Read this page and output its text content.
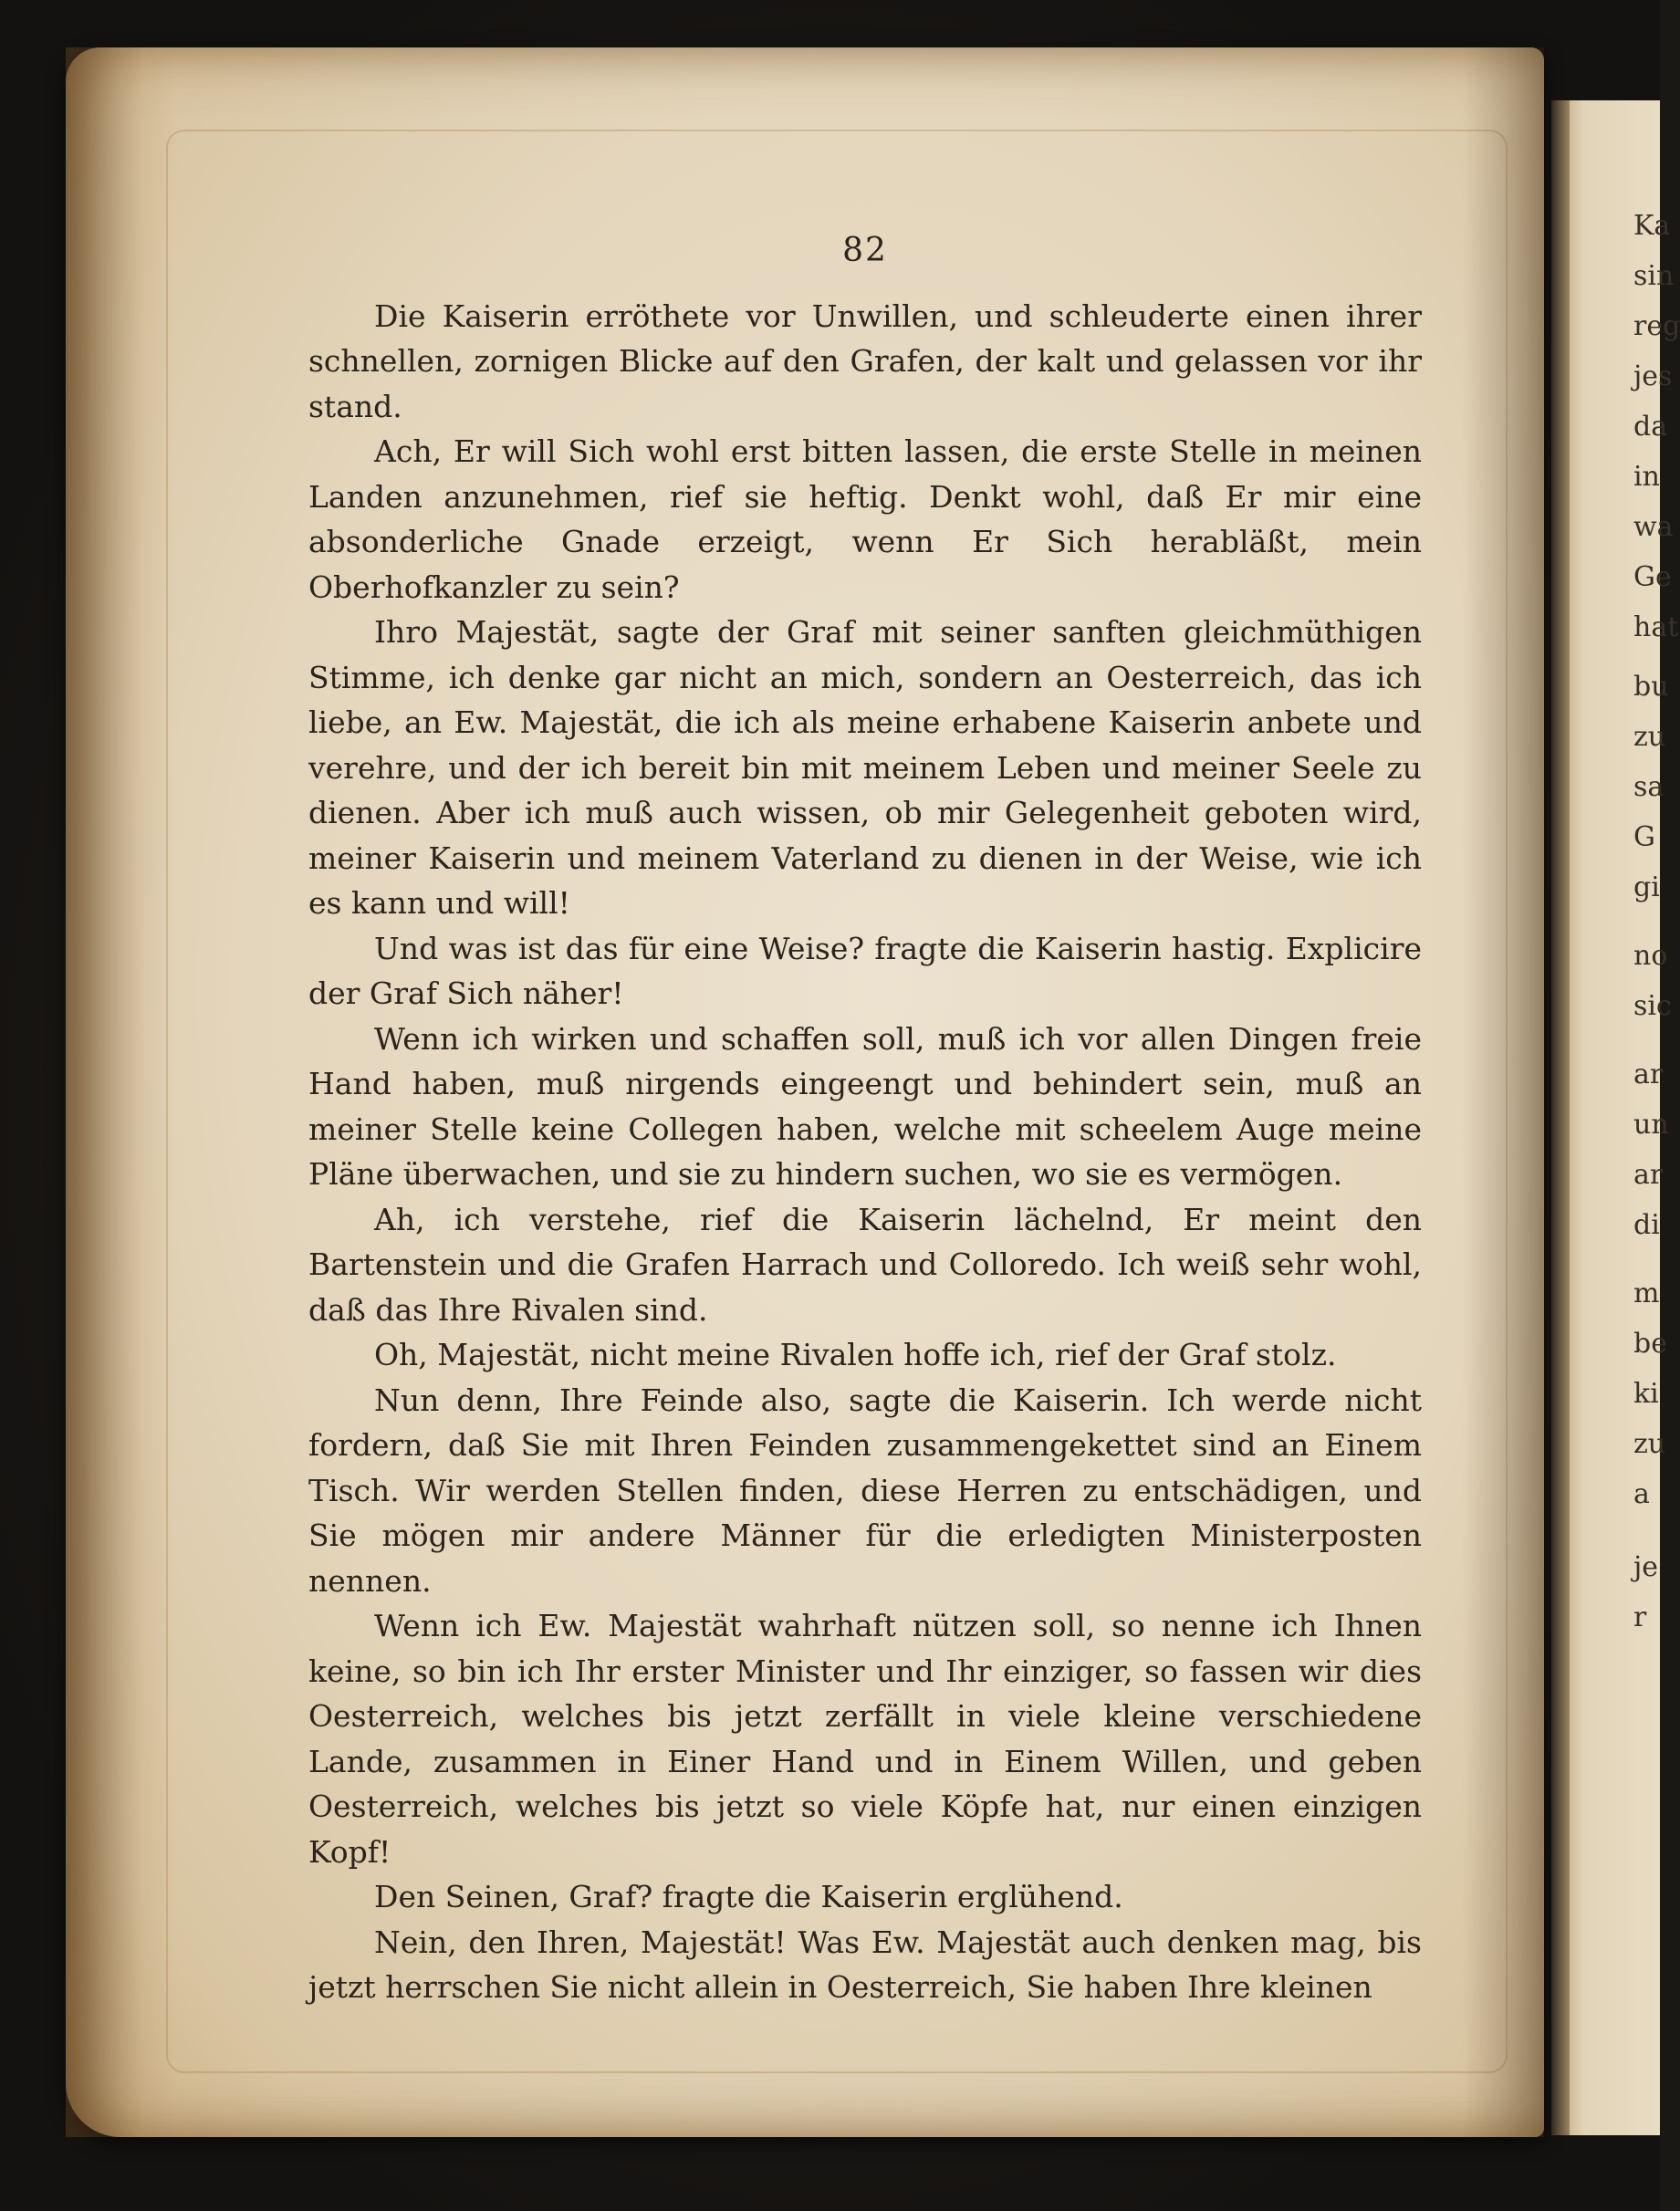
Ka
sin
reg
jes
da
in
wa
Ge
hat
bu
zu
sa
G
gi
no
sic
ar
un
ar
di
m
be
ki
zu
a
je
r
82

Die Kaiserin erröthete vor Unwillen, und schleuderte einen ihrer schnellen, zornigen Blicke auf den Grafen, der kalt und gelassen vor ihr stand.

Ach, Er will Sich wohl erst bitten lassen, die erste Stelle in meinen Landen anzunehmen, rief sie heftig. Denkt wohl, daß Er mir eine absonderliche Gnade erzeigt, wenn Er Sich herabläßt, mein Oberhofkanzler zu sein?

Ihro Majestät, sagte der Graf mit seiner sanften gleichmüthigen Stimme, ich denke gar nicht an mich, sondern an Oesterreich, das ich liebe, an Ew. Majestät, die ich als meine erhabene Kaiserin anbete und verehre, und der ich bereit bin mit meinem Leben und meiner Seele zu dienen. Aber ich muß auch wissen, ob mir Gelegenheit geboten wird, meiner Kaiserin und meinem Vaterland zu dienen in der Weise, wie ich es kann und will!

Und was ist das für eine Weise? fragte die Kaiserin hastig. Explicire der Graf Sich näher!

Wenn ich wirken und schaffen soll, muß ich vor allen Dingen freie Hand haben, muß nirgends eingeengt und behindert sein, muß an meiner Stelle keine Collegen haben, welche mit scheelem Auge meine Pläne überwachen, und sie zu hindern suchen, wo sie es vermögen.

Ah, ich verstehe, rief die Kaiserin lächelnd, Er meint den Bartenstein und die Grafen Harrach und Colloredo. Ich weiß sehr wohl, daß das Ihre Rivalen sind.

Oh, Majestät, nicht meine Rivalen hoffe ich, rief der Graf stolz.

Nun denn, Ihre Feinde also, sagte die Kaiserin. Ich werde nicht fordern, daß Sie mit Ihren Feinden zusammengekettet sind an Einem Tisch. Wir werden Stellen finden, diese Herren zu entschädigen, und Sie mögen mir andere Männer für die erledigten Ministerposten nennen.

Wenn ich Ew. Majestät wahrhaft nützen soll, so nenne ich Ihnen keine, so bin ich Ihr erster Minister und Ihr einziger, so fassen wir dies Oesterreich, welches bis jetzt zerfällt in viele kleine verschiedene Lande, zusammen in Einer Hand und in Einem Willen, und geben Oesterreich, welches bis jetzt so viele Köpfe hat, nur einen einzigen Kopf!

Den Seinen, Graf? fragte die Kaiserin erglühend.

Nein, den Ihren, Majestät! Was Ew. Majestät auch denken mag, bis jetzt herrschen Sie nicht allein in Oesterreich, Sie haben Ihre kleinen
